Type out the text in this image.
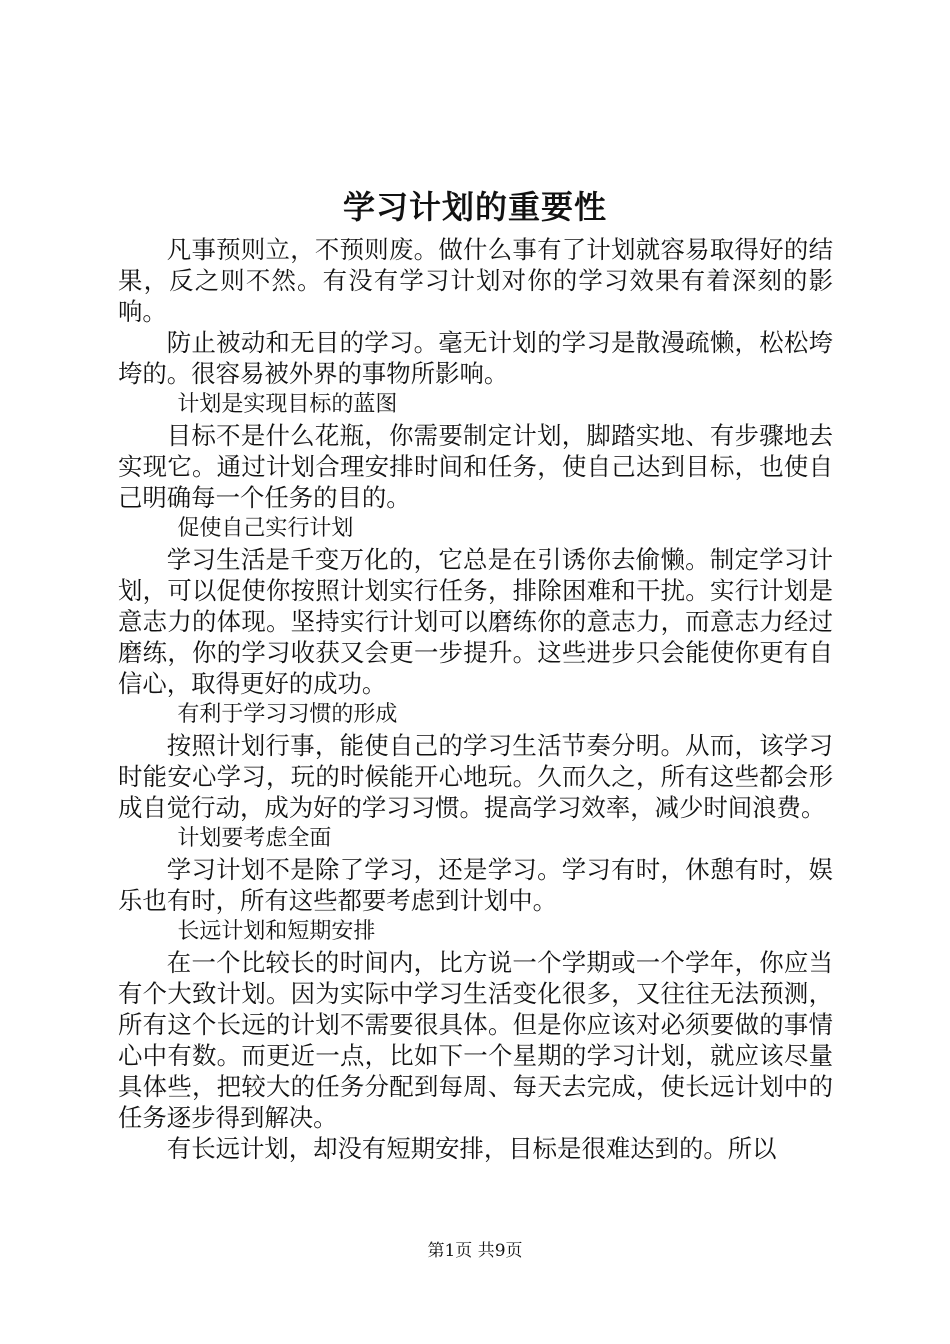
学习计划的重要性

凡事预则立，不预则废。做什么事有了计划就容易取得好的结果，反之则不然。有没有学习计划对你的学习效果有着深刻的影响。

防止被动和无目的学习。毫无计划的学习是散漫疏懒，松松垮垮的。很容易被外界的事物所影响。

计划是实现目标的蓝图

目标不是什么花瓶，你需要制定计划，脚踏实地、有步骤地去实现它。通过计划合理安排时间和任务，使自己达到目标，也使自己明确每一个任务的目的。

促使自己实行计划

学习生活是千变万化的，它总是在引诱你去偷懒。制定学习计划，可以促使你按照计划实行任务，排除困难和干扰。实行计划是意志力的体现。坚持实行计划可以磨练你的意志力，而意志力经过磨练，你的学习收获又会更一步提升。这些进步只会能使你更有自信心，取得更好的成功。

有利于学习习惯的形成

按照计划行事，能使自己的学习生活节奏分明。从而，该学习时能安心学习，玩的时候能开心地玩。久而久之，所有这些都会形成自觉行动，成为好的学习习惯。提高学习效率，减少时间浪费。

计划要考虑全面

学习计划不是除了学习，还是学习。学习有时，休憩有时，娱乐也有时，所有这些都要考虑到计划中。

长远计划和短期安排

在一个比较长的时间内，比方说一个学期或一个学年，你应当有个大致计划。因为实际中学习生活变化很多，又往往无法预测，所有这个长远的计划不需要很具体。但是你应该对必须要做的事情心中有数。而更近一点，比如下一个星期的学习计划，就应该尽量具体些，把较大的任务分配到每周、每天去完成，使长远计划中的任务逐步得到解决。

有长远计划，却没有短期安排，目标是很难达到的。所以

第1页 共9页
